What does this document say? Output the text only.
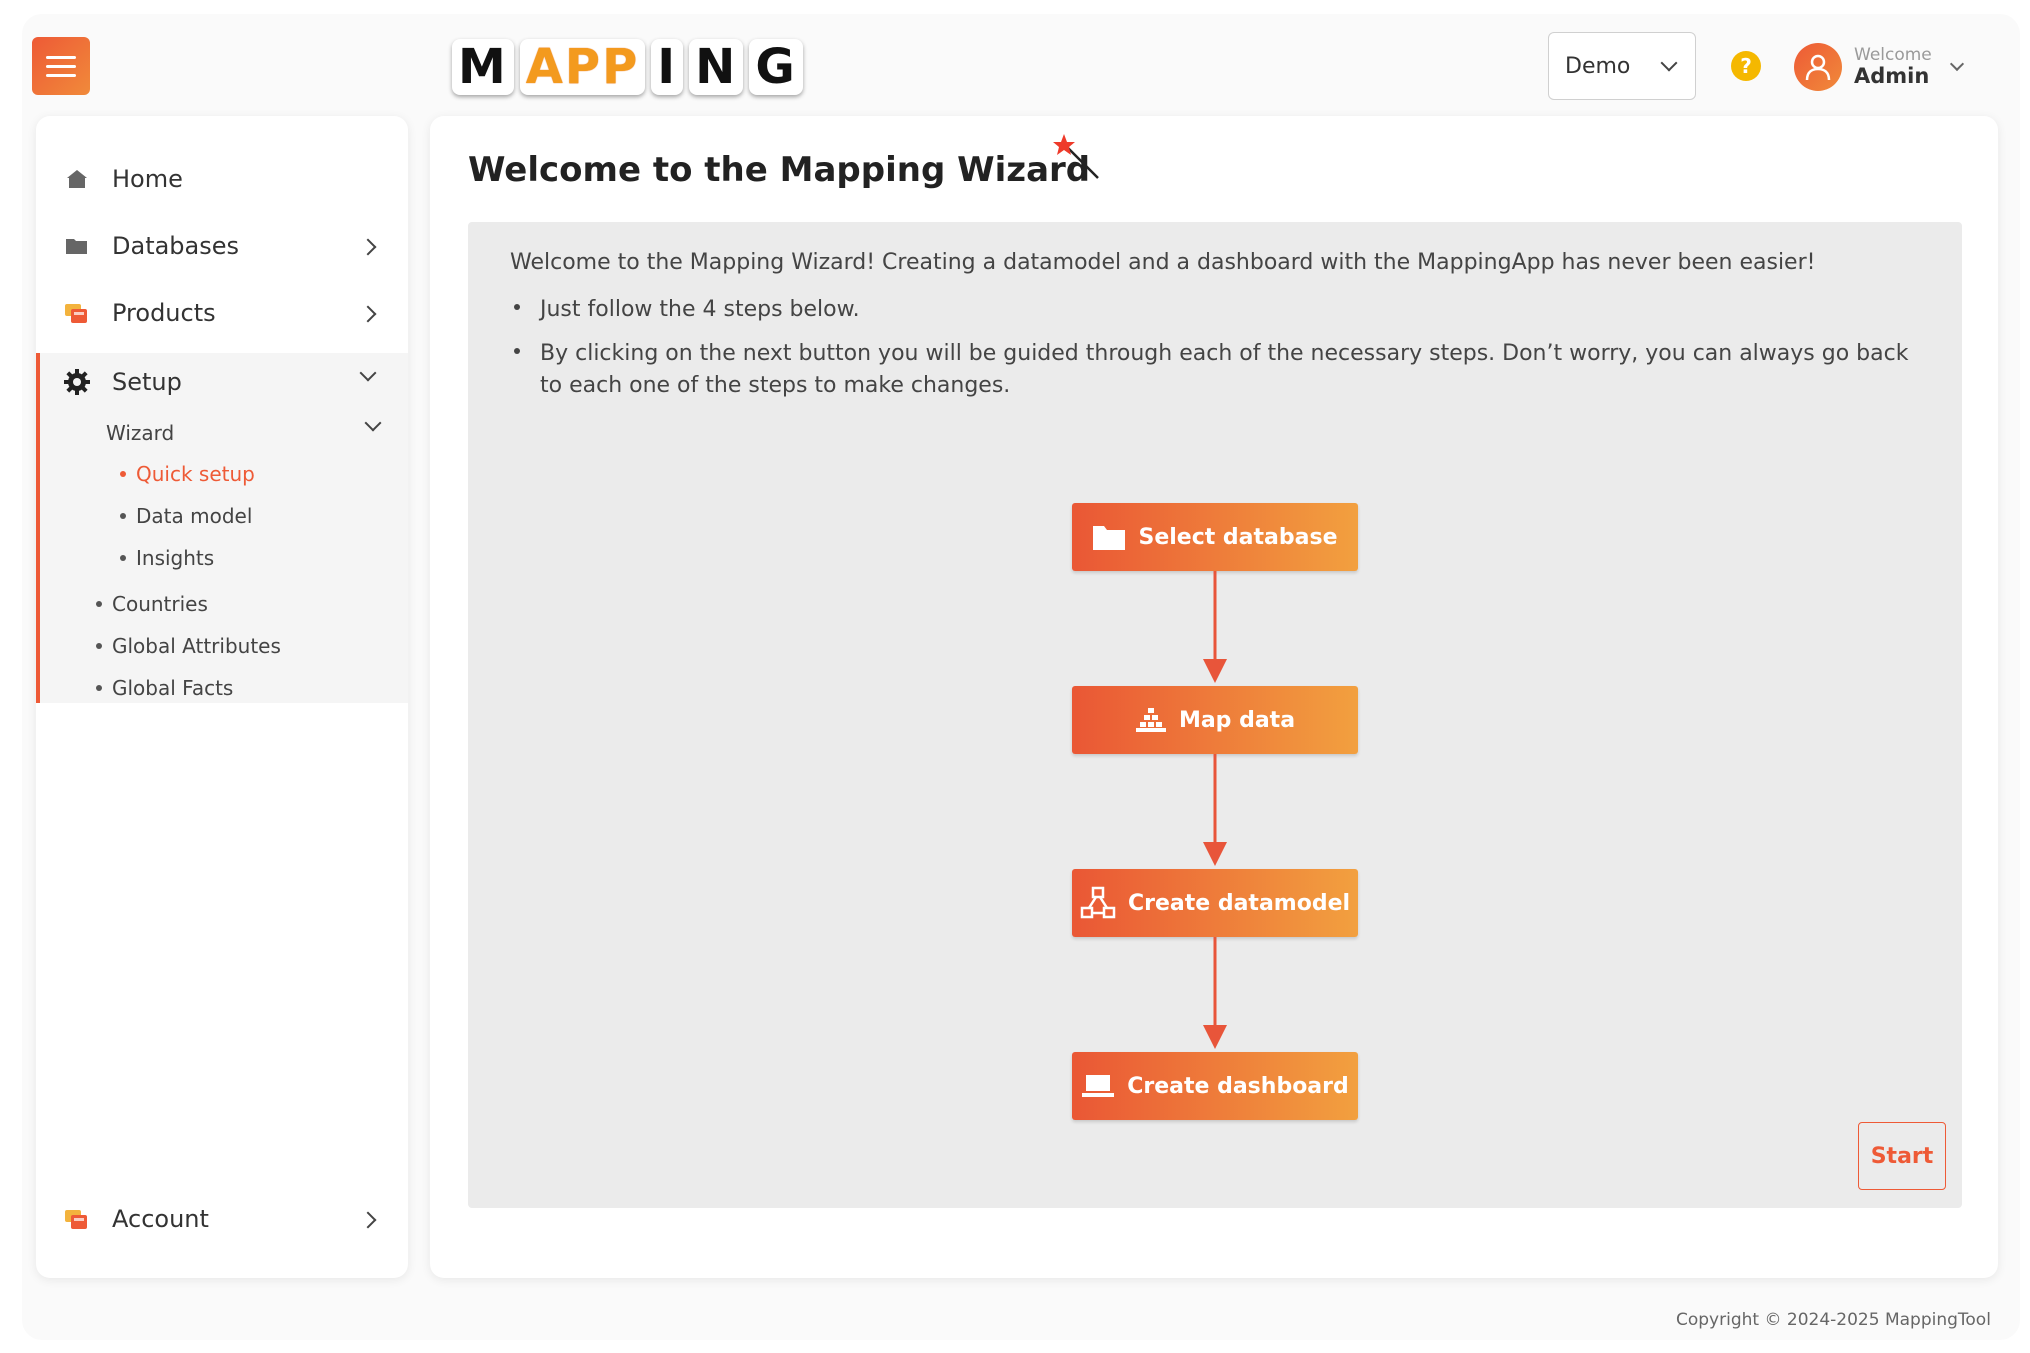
M APP I N G	Demo	?	Welcome
Admin
Home
Databases
Products
Setup
Wizard
Quick setup
Data model
Insights
Countries
Global Attributes
Global Facts
Account
Welcome to the Mapping Wizard

Welcome to the Mapping Wizard! Creating a datamodel and a dashboard with the MappingApp has never been easier!

Just follow the 4 steps below.
By clicking on the next button you will be guided through each of the necessary steps. Don’t worry, you can always go back to each one of the steps to make changes.
Select database
Map data
Create datamodel
Create dashboard
Start
Copyright © 2024-2025 MappingTool
